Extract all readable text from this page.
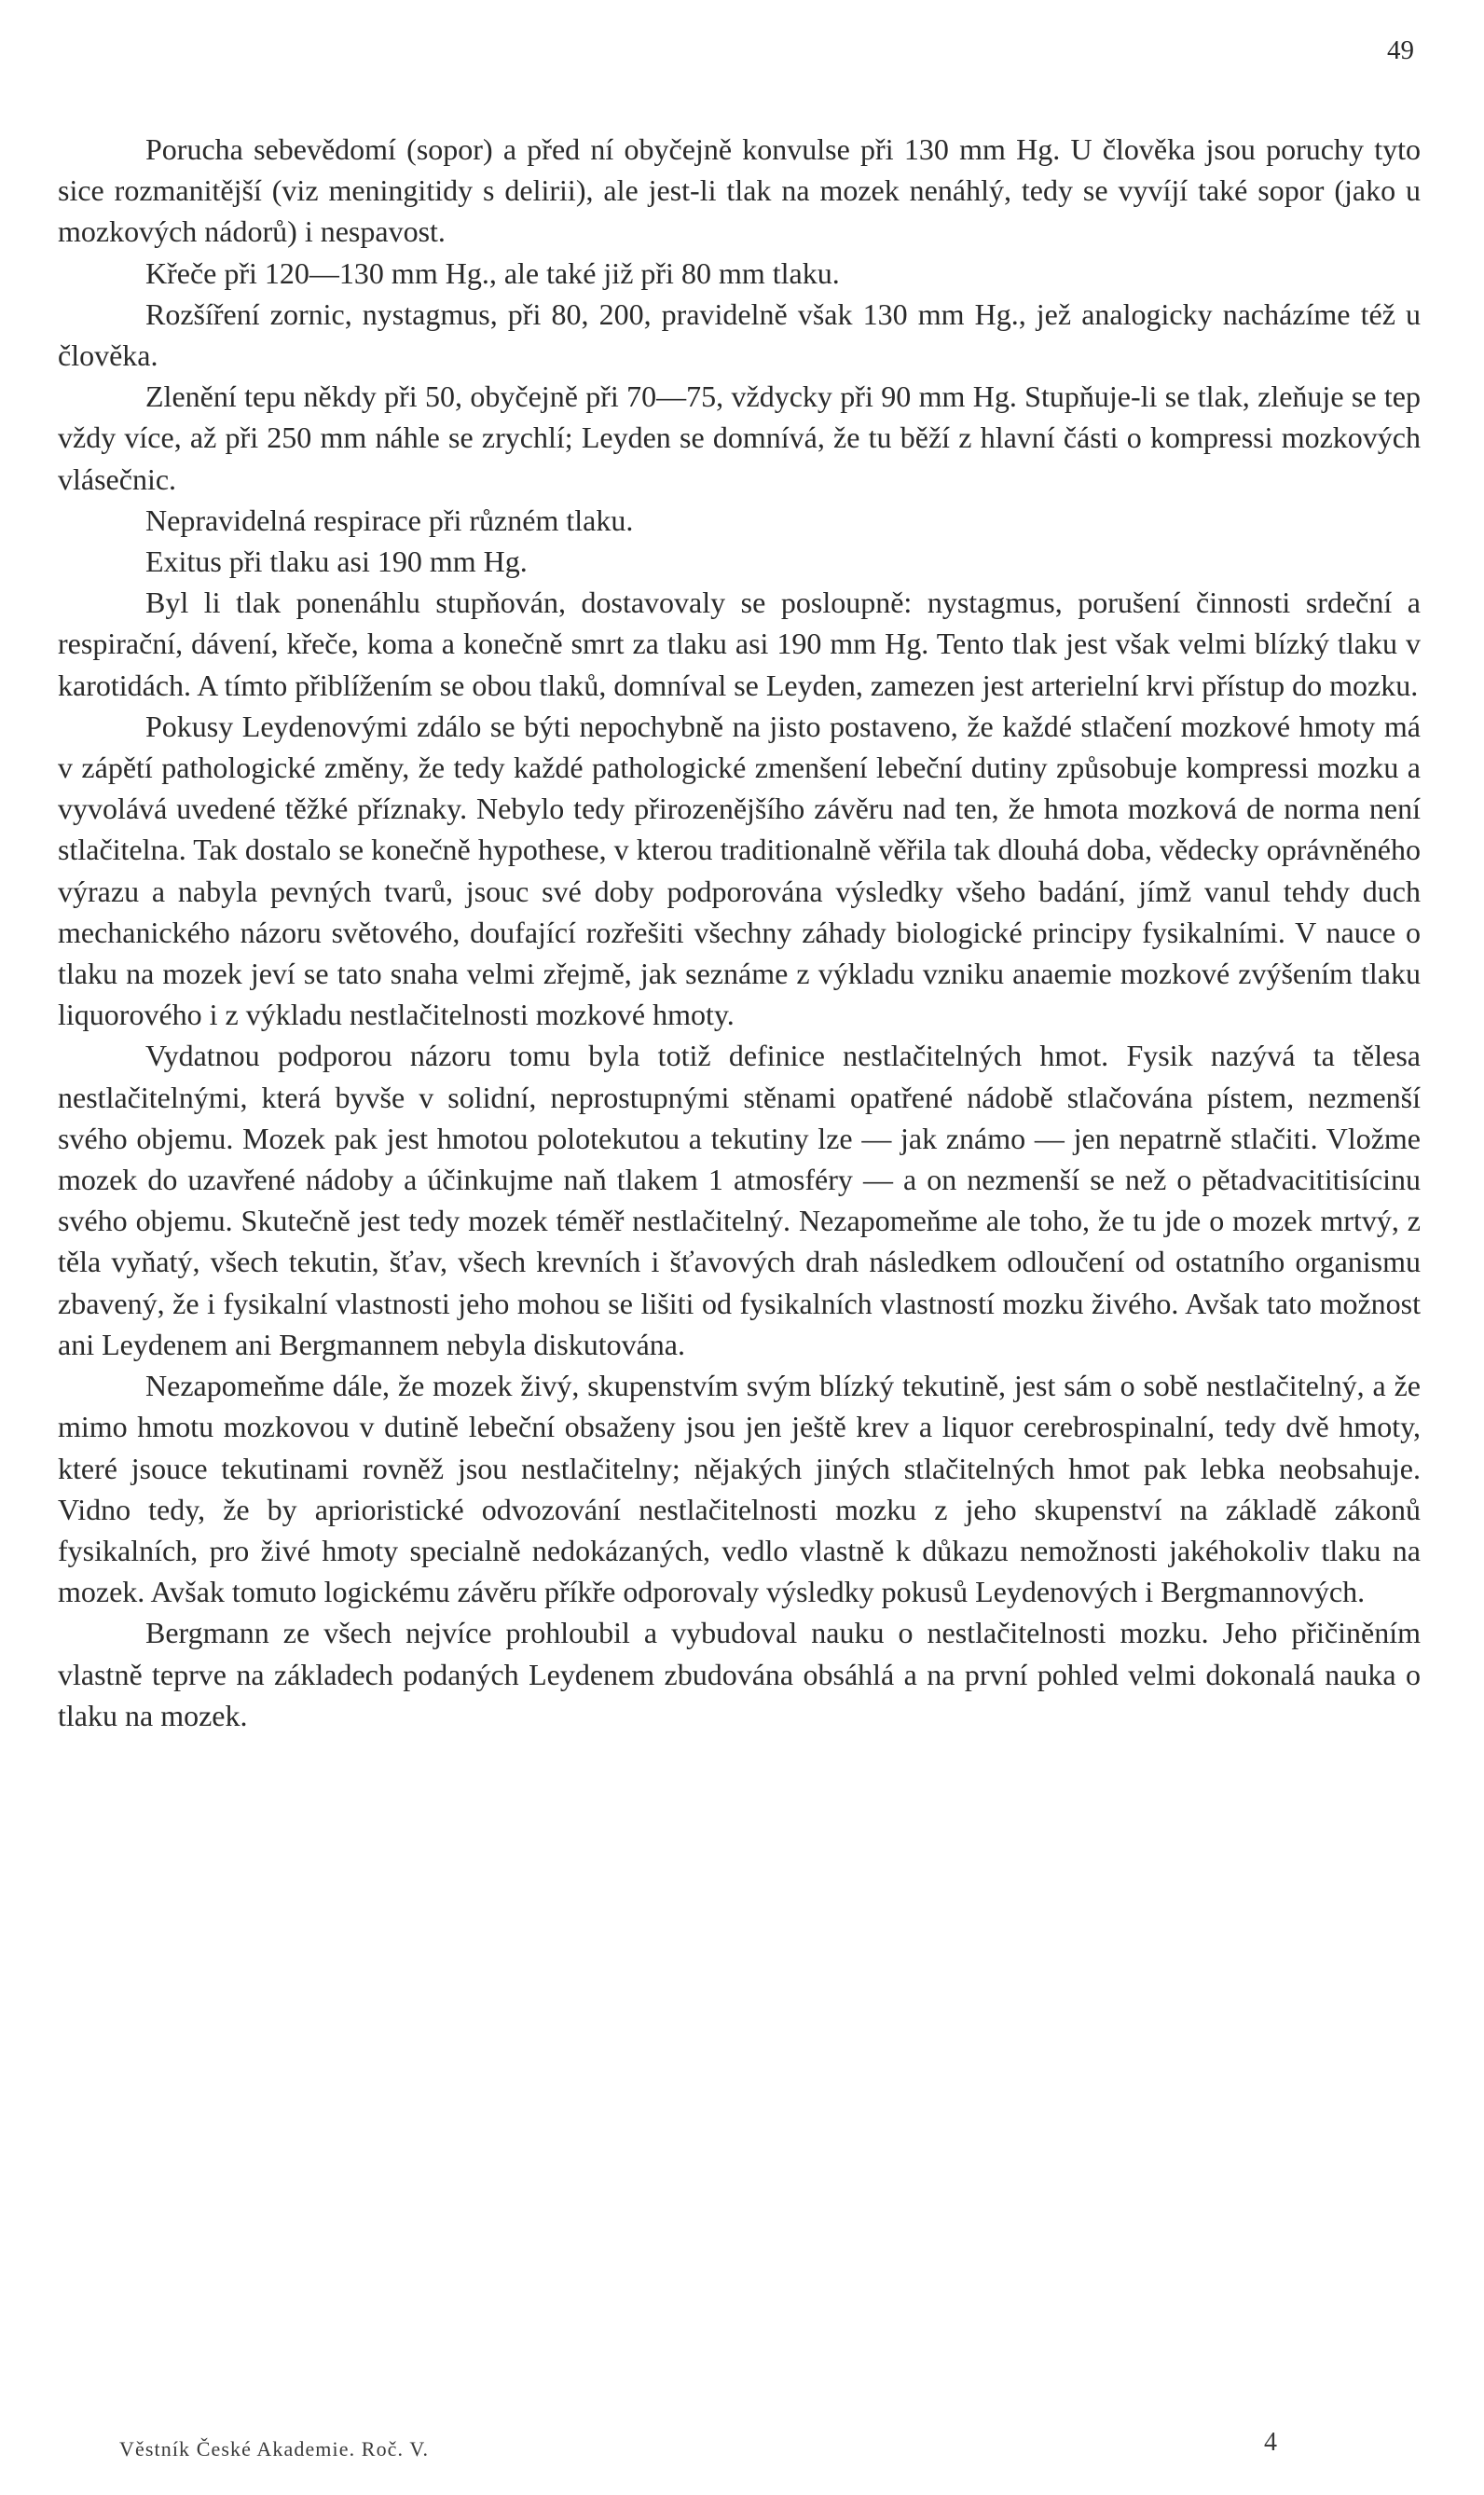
49

Porucha sebevědomí (sopor) a před ní obyčejně konvulse při 130 mm Hg. U člověka jsou poruchy tyto sice rozmanitější (viz meningitidy s delirii), ale jest-li tlak na mozek nenáhlý, tedy se vyvíjí také sopor (jako u mozkových nádorů) i nespavost.

Křeče při 120—130 mm Hg., ale také již při 80 mm tlaku.

Rozšíření zornic, nystagmus, při 80, 200, pravidelně však 130 mm Hg., jež analogicky nacházíme též u člověka.

Zlenění tepu někdy při 50, obyčejně při 70—75, vždycky při 90 mm Hg. Stupňuje-li se tlak, zleňuje se tep vždy více, až při 250 mm náhle se zrychlí; Leyden se domnívá, že tu běží z hlavní části o kompressi mozkových vlásečnic.

Nepravidelná respirace při různém tlaku.

Exitus při tlaku asi 190 mm Hg.

Byl li tlak ponenáhlu stupňován, dostavovaly se posloupně: nystagmus, porušení činnosti srdeční a respirační, dávení, křeče, koma a konečně smrt za tlaku asi 190 mm Hg. Tento tlak jest však velmi blízký tlaku v karotidách. A tímto přiblížením se obou tlaků, domníval se Leyden, zamezen jest arterielní krvi přístup do mozku.

Pokusy Leydenovými zdálo se býti nepochybně na jisto postaveno, že každé stlačení mozkové hmoty má v zápětí pathologické změny, že tedy každé pathologické zmenšení lebeční dutiny způsobuje kompressi mozku a vyvolává uvedené těžké příznaky. Nebylo tedy přirozenějšího závěru nad ten, že hmota mozková de norma není stlačitelna. Tak dostalo se konečně hypothese, v kterou traditionalně věřila tak dlouhá doba, vědecky oprávněného výrazu a nabyla pevných tvarů, jsouc své doby podporována výsledky všeho badání, jímž vanul tehdy duch mechanického názoru světového, doufající rozřešiti všechny záhady biologické principy fysikalními. V nauce o tlaku na mozek jeví se tato snaha velmi zřejmě, jak seznáme z výkladu vzniku anaemie mozkové zvýšením tlaku liquorového i z výkladu nestlačitelnosti mozkové hmoty.

Vydatnou podporou názoru tomu byla totiž definice nestlačitelných hmot. Fysik nazývá ta tělesa nestlačitelnými, která byvše v solidní, neprostupnými stěnami opatřené nádobě stlačována pístem, nezmenší svého objemu. Mozek pak jest hmotou polotekutou a tekutiny lze — jak známo — jen nepatrně stlačiti. Vložme mozek do uzavřené nádoby a účinkujme naň tlakem 1 atmosféry — a on nezmenší se než o pětadvacititisícinu svého objemu. Skutečně jest tedy mozek téměř nestlačitelný. Nezapomeňme ale toho, že tu jde o mozek mrtvý, z těla vyňatý, všech tekutin, šťav, všech krevních i šťavových drah následkem odloučení od ostatního organismu zbavený, že i fysikalní vlastnosti jeho mohou se lišiti od fysikalních vlastností mozku živého. Avšak tato možnost ani Leydenem ani Bergmannem nebyla diskutována.

Nezapomeňme dále, že mozek živý, skupenstvím svým blízký tekutině, jest sám o sobě nestlačitelný, a že mimo hmotu mozkovou v dutině lebeční obsaženy jsou jen ještě krev a liquor cerebrospinalní, tedy dvě hmoty, které jsouce tekutinami rovněž jsou nestlačitelny; nějakých jiných stlačitelných hmot pak lebka neobsahuje. Vidno tedy, že by aprioristické odvozování nestlačitelnosti mozku z jeho skupenství na základě zákonů fysikalních, pro živé hmoty specialně nedokázaných, vedlo vlastně k důkazu nemožnosti jakéhokoliv tlaku na mozek. Avšak tomuto logickému závěru příkře odporovaly výsledky pokusů Leydenových i Bergmannových.

Bergmann ze všech nejvíce prohloubil a vybudoval nauku o nestlačitelnosti mozku. Jeho přičiněním vlastně teprve na základech podaných Leydenem zbudována obsáhlá a na první pohled velmi dokonalá nauka o tlaku na mozek.

Věstník České Akademie. Roč. V.	4
